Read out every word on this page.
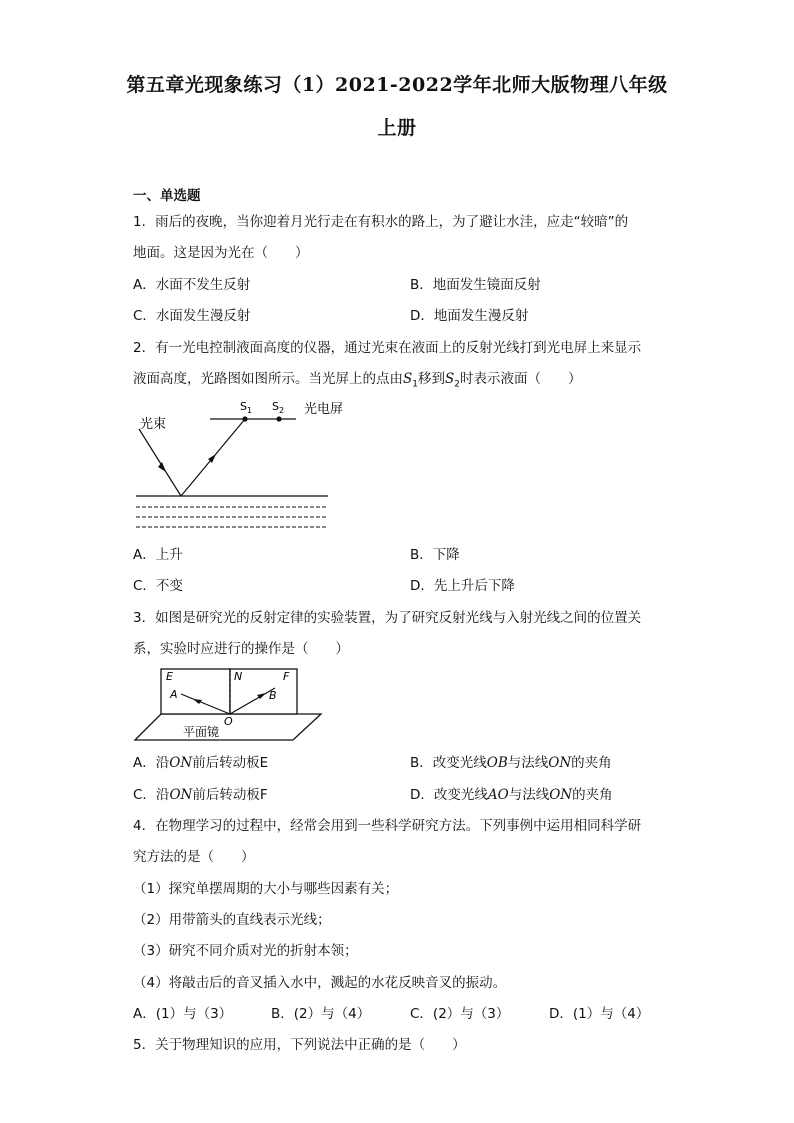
第五章光现象练习（1）2021-2022学年北师大版物理八年级
上册
一、单选题
1．雨后的夜晚，当你迎着月光行走在有积水的路上，为了避让水洼，应走“较暗”的
地面。这是因为光在（　　）
A．水面不发生反射	B．地面发生镜面反射
C．水面发生漫反射	D．地面发生漫反射
2．有一光电控制液面高度的仪器，通过光束在液面上的反射光线打到光电屏上来显示
液面高度，光路图如图所示。当光屏上的点由$S_1$移到$S_2$时表示液面（　　）
光束
光电屏
$S_1$ $S_2$
A．上升	B．下降
C．不变	D．先上升后下降
3．如图是研究光的反射定律的实验装置，为了研究反射光线与入射光线之间的位置关
系，实验时应进行的操作是（　　）
E	N	F
A	B
O
平面镜
A．沿ON前后转动板E	B．改变光线OB与法线ON的夹角
C．沿ON前后转动板F	D．改变光线AO与法线ON的夹角
4．在物理学习的过程中，经常会用到一些科学研究方法。下列事例中运用相同科学研
究方法的是（　　）
（1）探究单摆周期的大小与哪些因素有关；
（2）用带箭头的直线表示光线；
（3）研究不同介质对光的折射本领；
（4）将敲击后的音叉插入水中，溅起的水花反映音叉的振动。
A．(1）与（3）	B．(2）与（4）	C．(2）与（3）	D．(1）与（4）
5．关于物理知识的应用，下列说法中正确的是（　　）
